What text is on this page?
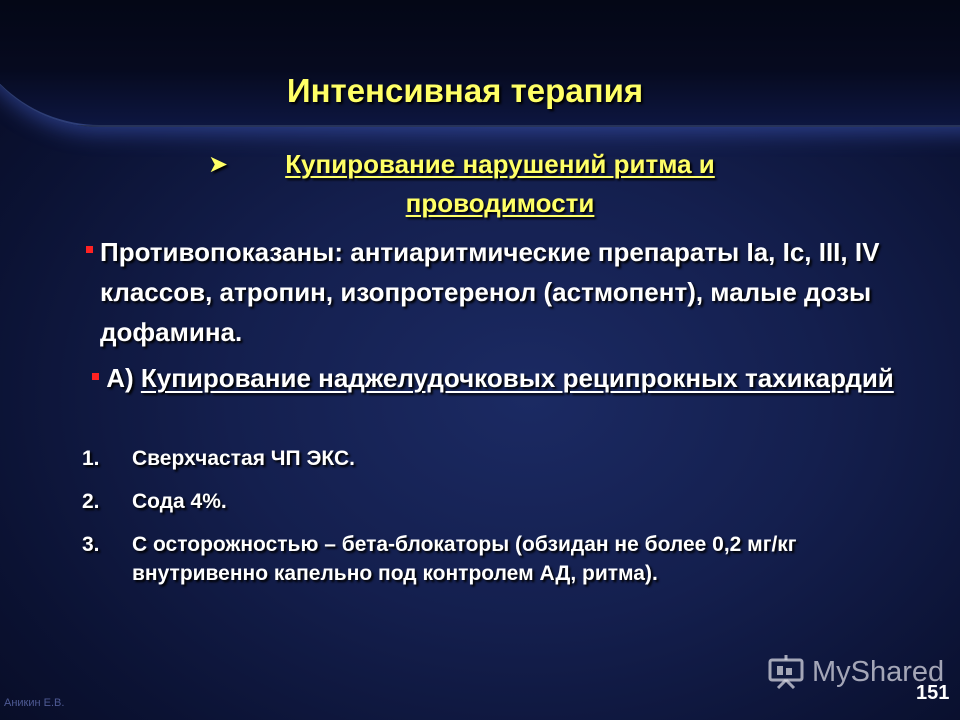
Интенсивная терапия
➤ Купирование нарушений ритма и проводимости
Противопоказаны: антиаритмические препараты Ia, Ic, III, IV классов, атропин, изопротеренол (астмопент), малые дозы дофамина.
А) Купирование наджелудочковых реципрокных тахикардий
1.	Сверхчастая ЧП ЭКС.
2.	Сода 4%.
3.	С осторожностью – бета-блокаторы (обзидан не более 0,2 мг/кг внутривенно капельно под контролем АД, ритма).
Аникин Е.В.
MyShared
151
